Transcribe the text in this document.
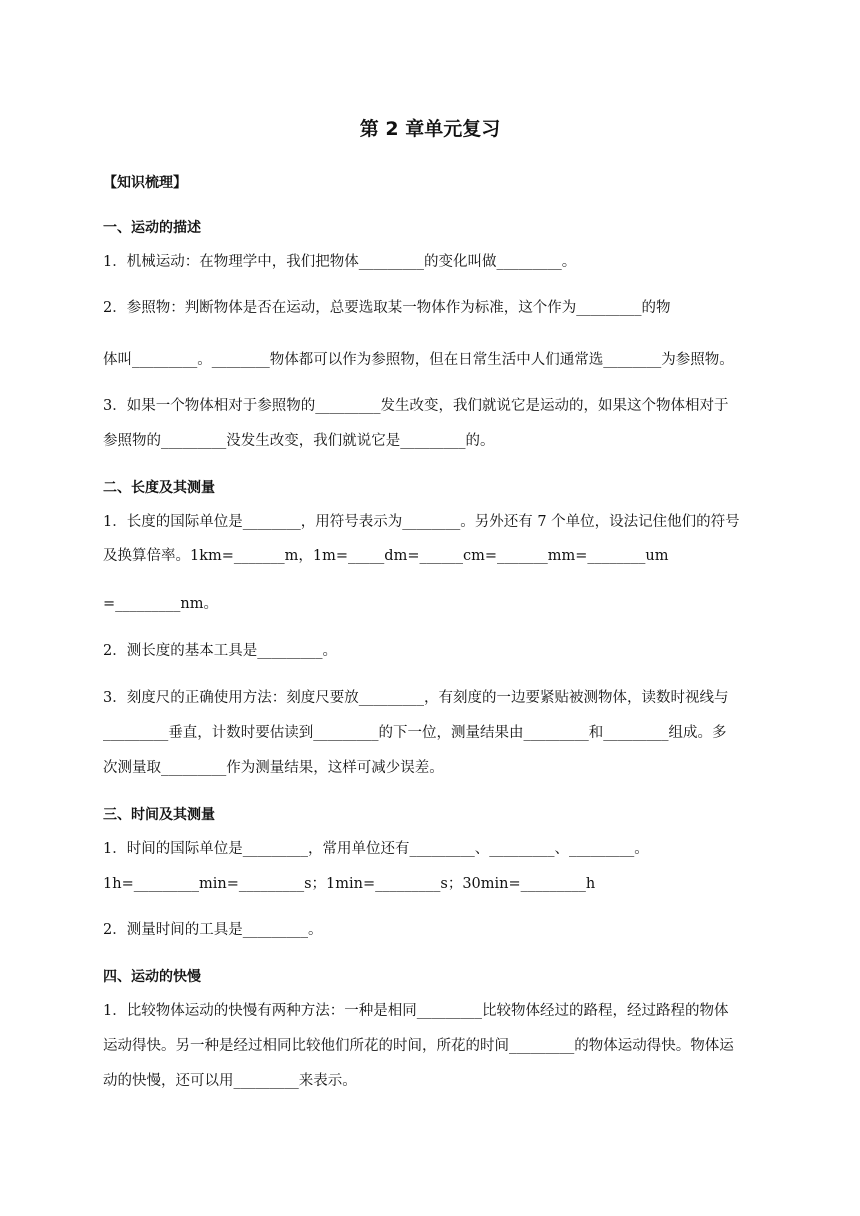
第 2 章单元复习
【知识梳理】
一、运动的描述
1．机械运动：在物理学中，我们把物体_________的变化叫做_________。
2．参照物：判断物体是否在运动，总要选取某一物体作为标准，这个作为_________的物
体叫_________。________物体都可以作为参照物，但在日常生活中人们通常选________为参照物。
3．如果一个物体相对于参照物的_________发生改变，我们就说它是运动的，如果这个物体相对于
参照物的_________没发生改变，我们就说它是_________的。
二、长度及其测量
1．长度的国际单位是________，用符号表示为________。另外还有 7 个单位，设法记住他们的符号
及换算倍率。1km=_______m，1m=_____dm=______cm=_______mm=________um
=_________nm。
2．测长度的基本工具是_________。
3．刻度尺的正确使用方法：刻度尺要放_________，有刻度的一边要紧贴被测物体，读数时视线与
_________垂直，计数时要估读到_________的下一位，测量结果由_________和_________组成。多
次测量取_________作为测量结果，这样可减少误差。
三、时间及其测量
1．时间的国际单位是_________，常用单位还有_________、_________、_________。
1h=_________min=_________s；1min=_________s；30min=_________h
2．测量时间的工具是_________。
四、运动的快慢
1．比较物体运动的快慢有两种方法：一种是相同_________比较物体经过的路程，经过路程的物体
运动得快。另一种是经过相同比较他们所花的时间，所花的时间_________的物体运动得快。物体运
动的快慢，还可以用_________来表示。
